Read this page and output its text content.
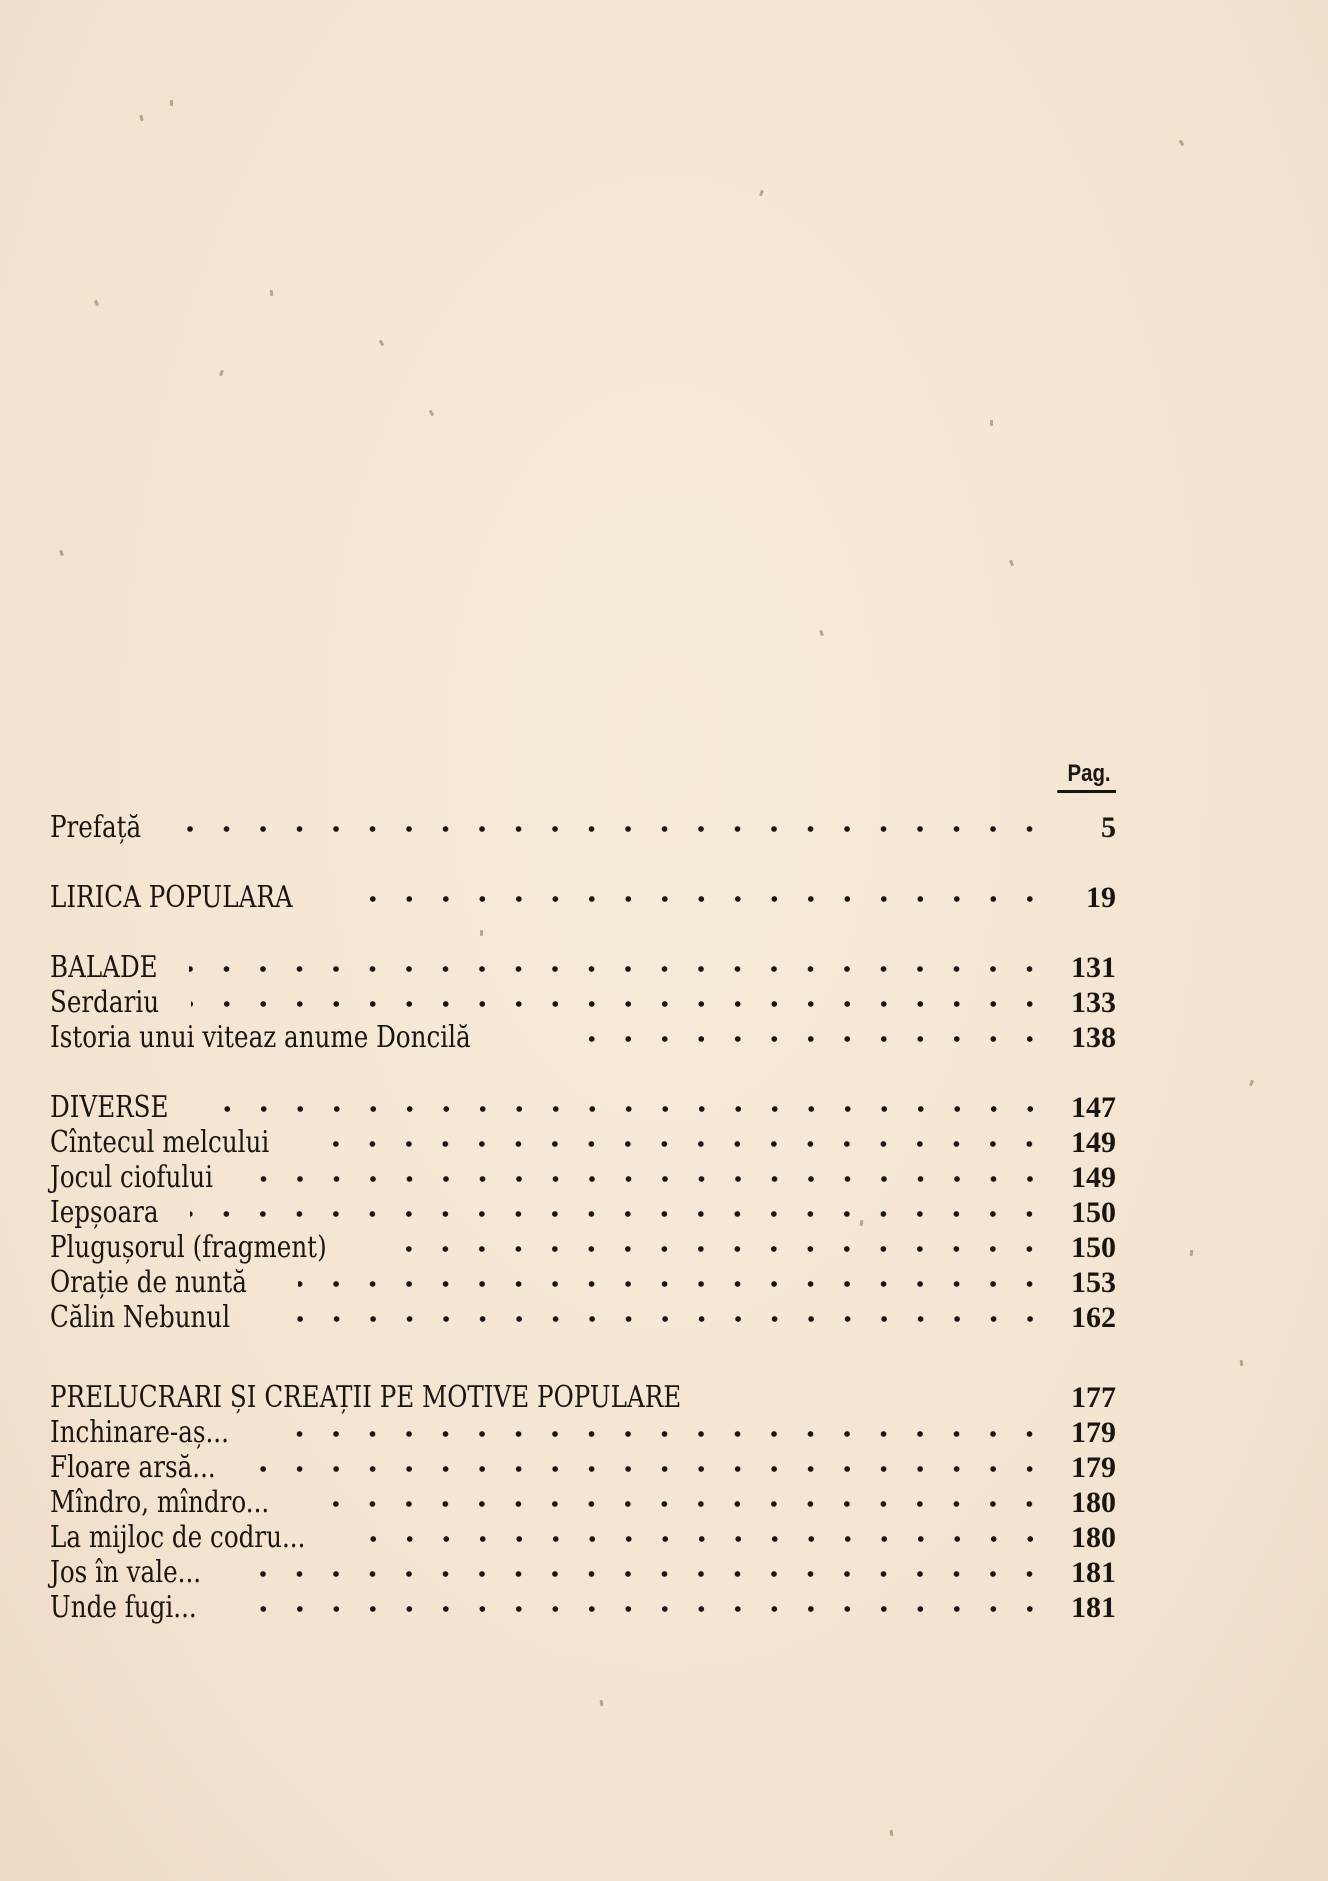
Pag.
Prefață	5
LIRICA POPULARA	19
BALADE	131
Serdariu	133
Istoria unui viteaz anume Doncilă	138
DIVERSE	147
Cîntecul melcului	149
Jocul ciofului	149
Iepșoara	150
Plugușorul (fragment)	150
Orație de nuntă	153
Călin Nebunul	162
PRELUCRARI ȘI CREAȚII PE MOTIVE POPULARE	177
Inchinare-aș...	179
Floare arsă...	179
Mîndro, mîndro...	180
La mijloc de codru...	180
Jos în vale...	181
Unde fugi...	181
